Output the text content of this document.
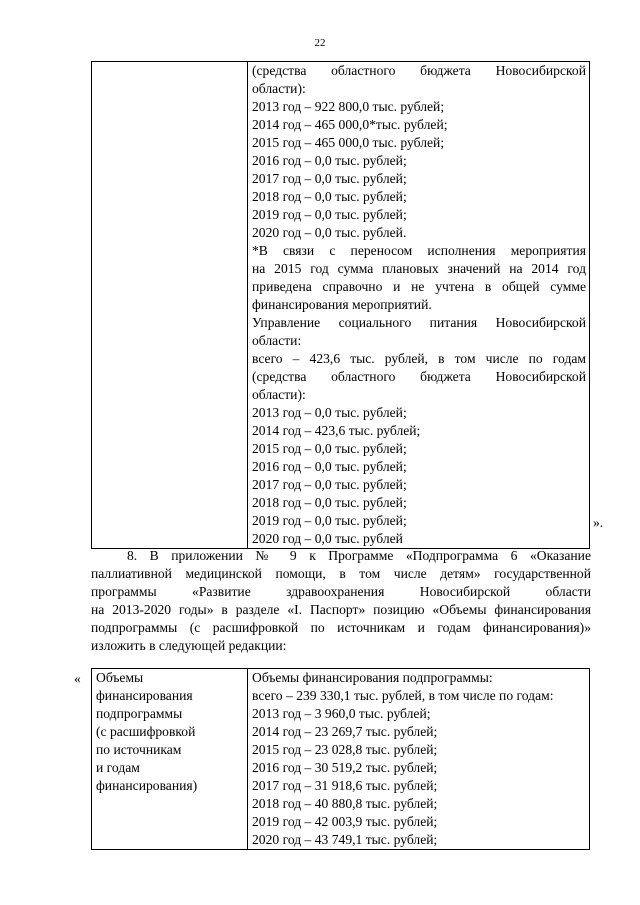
22

(средства областного бюджета Новосибирской
области):
2013 год – 922 800,0 тыс. рублей;
2014 год – 465 000,0*тыс. рублей;
2015 год – 465 000,0 тыс. рублей;
2016 год – 0,0 тыс. рублей;
2017 год – 0,0 тыс. рублей;
2018 год – 0,0 тыс. рублей;
2019 год – 0,0 тыс. рублей;
2020 год – 0,0 тыс. рублей.
*В связи с переносом исполнения мероприятия
на 2015 год сумма плановых значений на 2014 год
приведена справочно и не учтена в общей сумме
финансирования мероприятий.
Управление социального питания Новосибирской
области:
всего – 423,6 тыс. рублей, в том числе по годам
(средства областного бюджета Новосибирской
области):
2013 год – 0,0 тыс. рублей;
2014 год – 423,6 тыс. рублей;
2015 год – 0,0 тыс. рублей;
2016 год – 0,0 тыс. рублей;
2017 год – 0,0 тыс. рублей;
2018 год – 0,0 тыс. рублей;
2019 год – 0,0 тыс. рублей;
2020 год – 0,0 тыс. рублей
».
8. В приложении № 9 к Программе «Подпрограмма 6 «Оказание
паллиативной медицинской помощи, в том числе детям» государственной
программы «Развитие здравоохранения Новосибирской области
на 2013-2020 годы» в разделе «I. Паспорт» позицию «Объемы финансирования
подпрограммы (с расшифровкой по источникам и годам финансирования)»
изложить в следующей редакции:
« Объемы
финансирования
подпрограммы
(с расшифровкой
по источникам
и годам
финансирования)

Объемы финансирования подпрограммы:
всего – 239 330,1 тыс. рублей, в том числе по годам:
2013 год – 3 960,0 тыс. рублей;
2014 год – 23 269,7 тыс. рублей;
2015 год – 23 028,8 тыс. рублей;
2016 год – 30 519,2 тыс. рублей;
2017 год – 31 918,6 тыс. рублей;
2018 год – 40 880,8 тыс. рублей;
2019 год – 42 003,9 тыс. рублей;
2020 год – 43 749,1 тыс. рублей;
